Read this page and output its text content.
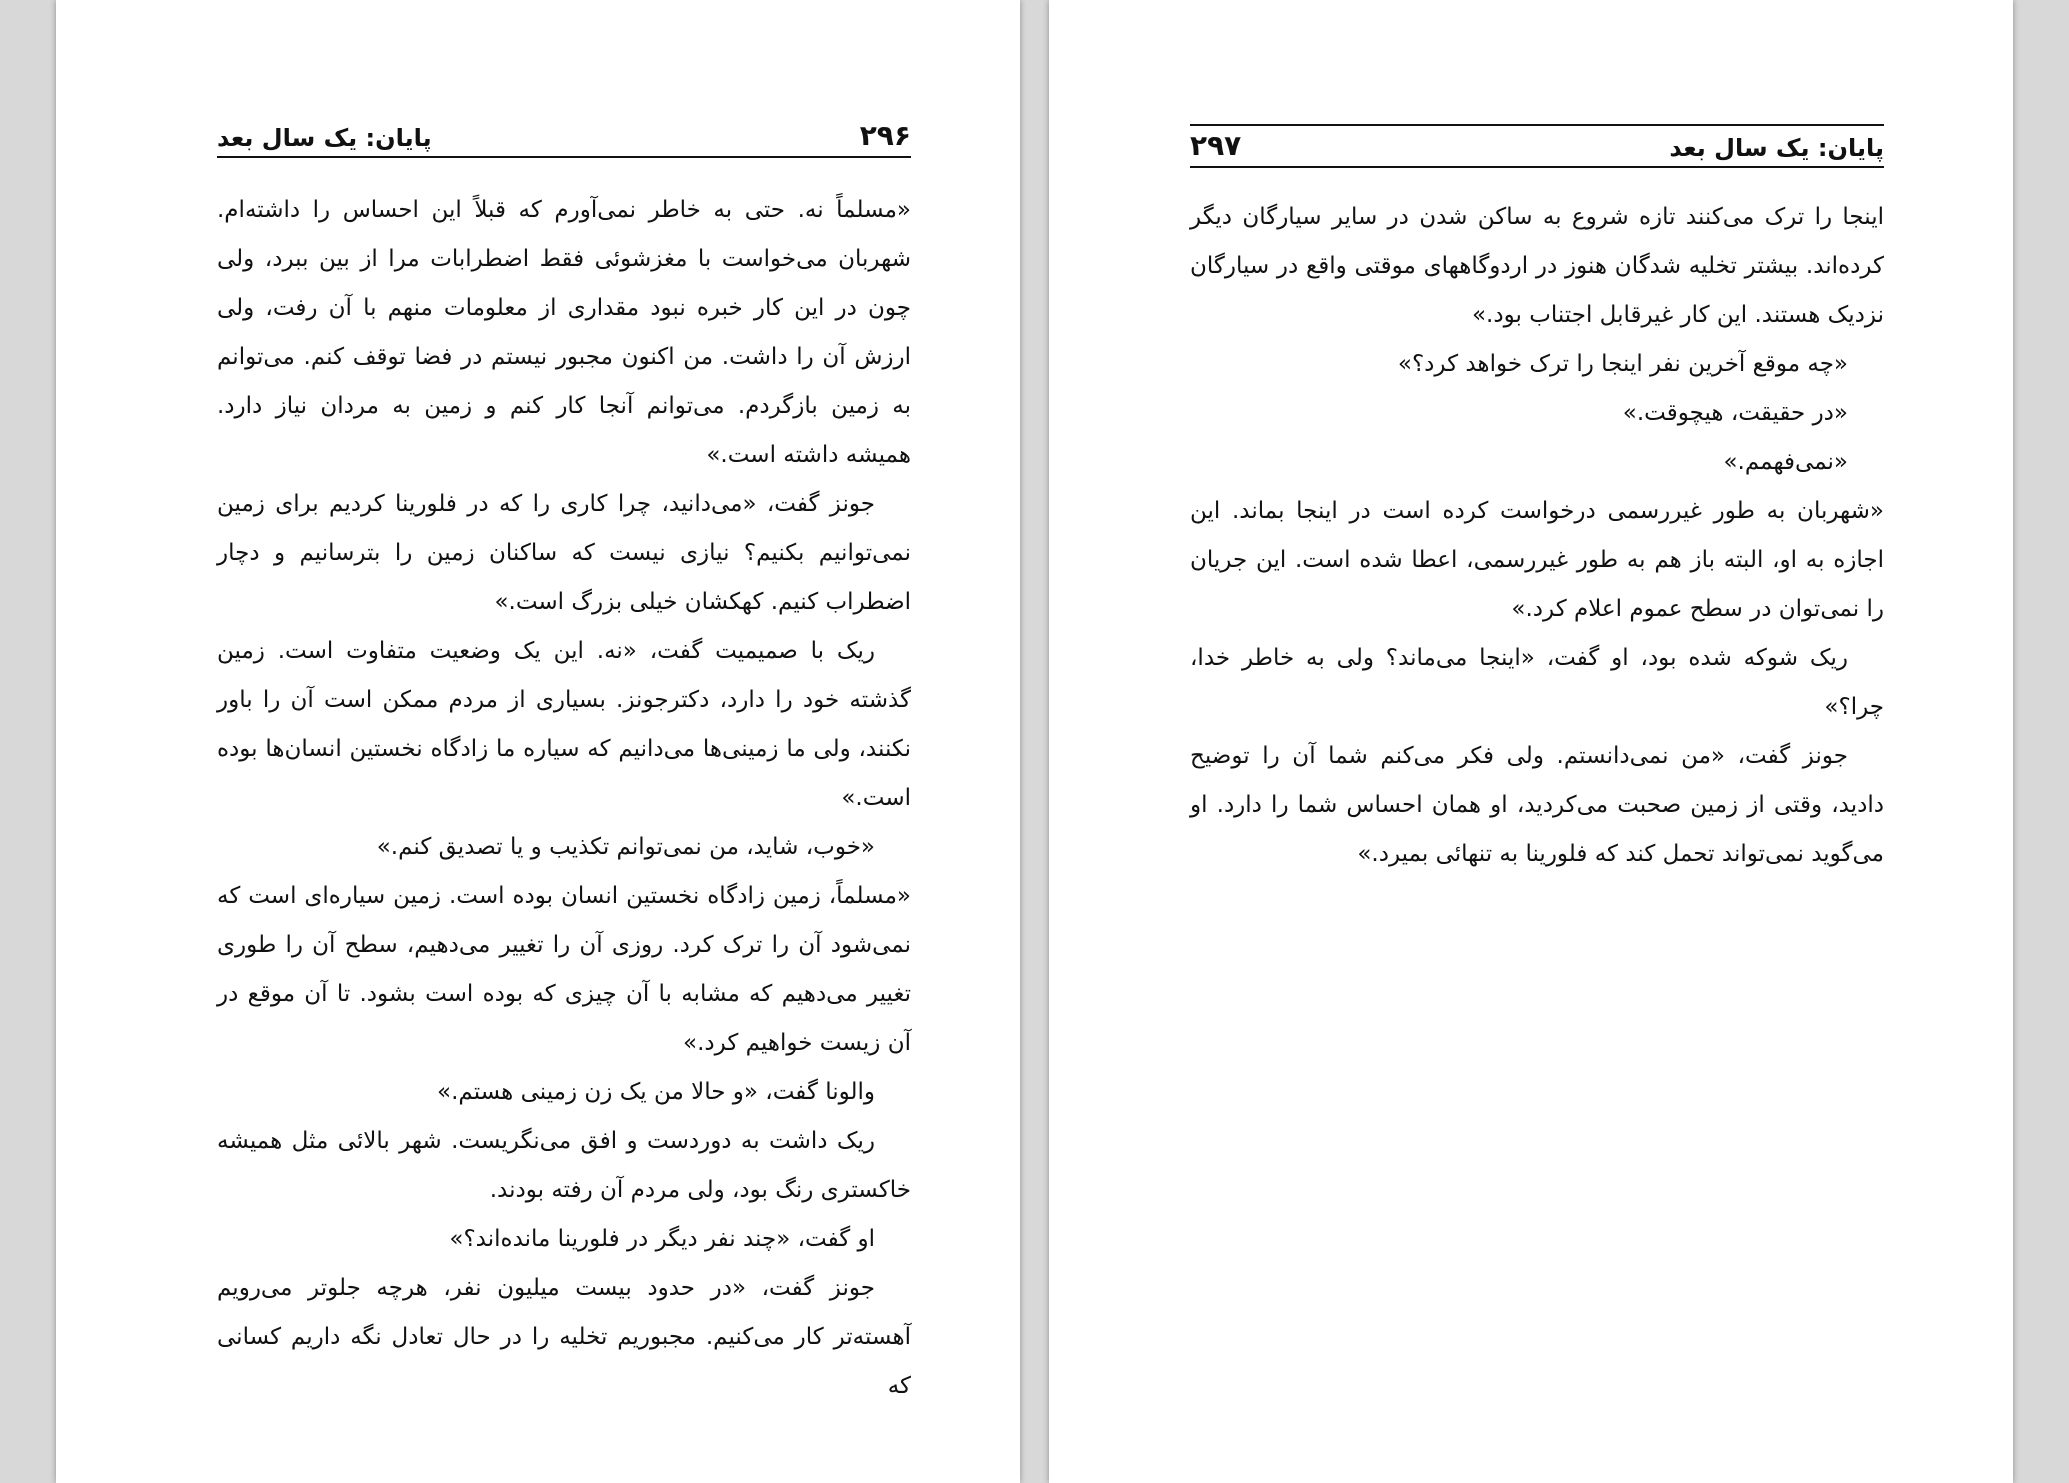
۲۹۶
پایان: یک سال بعد

«مسلماً نه. حتی به خاطر نمی‌آورم که قبلاً این احساس را داشته‌ام. شهربان می‌خواست با مغزشوئی فقط اضطرابات مرا از بین ببرد، ولی چون در این کار خبره نبود مقداری از معلومات منهم با آن رفت، ولی ارزش آن را داشت. من اکنون مجبور نیستم در فضا توقف کنم. می‌توانم به زمین بازگردم. می‌توانم آنجا کار کنم و زمین به مردان نیاز دارد. همیشه داشته است.»

جونز گفت، «می‌دانید، چرا کاری را که در فلورینا کردیم برای زمین نمی‌توانیم بکنیم؟ نیازی نیست که ساکنان زمین را بترسانیم و دچار اضطراب کنیم. کهکشان خیلی بزرگ است.»

ریک با صمیمیت گفت، «نه. این یک وضعیت متفاوت است. زمین گذشته خود را دارد، دکترجونز. بسیاری از مردم ممکن است آن را باور نکنند، ولی ما زمینی‌ها می‌دانیم که سیاره ما زادگاه نخستین انسان‌ها بوده است.»

«خوب، شاید، من نمی‌توانم تکذیب و یا تصدیق کنم.»

«مسلماً، زمین زادگاه نخستین انسان بوده است. زمین سیاره‌ای است که نمی‌شود آن را ترک کرد. روزی آن را تغییر می‌دهیم، سطح آن را طوری تغییر می‌دهیم که مشابه با آن چیزی که بوده است بشود. تا آن موقع در آن زیست خواهیم کرد.»

والونا گفت، «و حالا من یک زن زمینی هستم.»

ریک داشت به دوردست و افق می‌نگریست. شهر بالائی مثل همیشه خاکستری رنگ بود، ولی مردم آن رفته بودند.

او گفت، «چند نفر دیگر در فلورینا مانده‌اند؟»

جونز گفت، «در حدود بیست میلیون نفر، هرچه جلوتر می‌رویم آهسته‌تر کار می‌کنیم. مجبوریم تخلیه را در حال تعادل نگه داریم کسانی که

پایان: یک سال بعد
۲۹۷

اینجا را ترک می‌کنند تازه شروع به ساکن شدن در سایر سیارگان دیگر کرده‌اند. بیشتر تخلیه شدگان هنوز در اردوگاههای موقتی واقع در سیارگان نزدیک هستند. این کار غیرقابل اجتناب بود.»

«چه موقع آخرین نفر اینجا را ترک خواهد کرد؟»

«در حقیقت، هیچوقت.»

«نمی‌فهمم.»

«شهربان به طور غیررسمی درخواست کرده است در اینجا بماند. این اجازه به او، البته باز هم به طور غیررسمی، اعطا شده است. این جریان را نمی‌توان در سطح عموم اعلام کرد.»

ریک شوکه شده بود، او گفت، «اینجا می‌ماند؟ ولی به خاطر خدا، چرا؟»

جونز گفت، «من نمی‌دانستم. ولی فکر می‌کنم شما آن را توضیح دادید، وقتی از زمین صحبت می‌کردید، او همان احساس شما را دارد. او می‌گوید نمی‌تواند تحمل کند که فلورینا به تنهائی بمیرد.»
